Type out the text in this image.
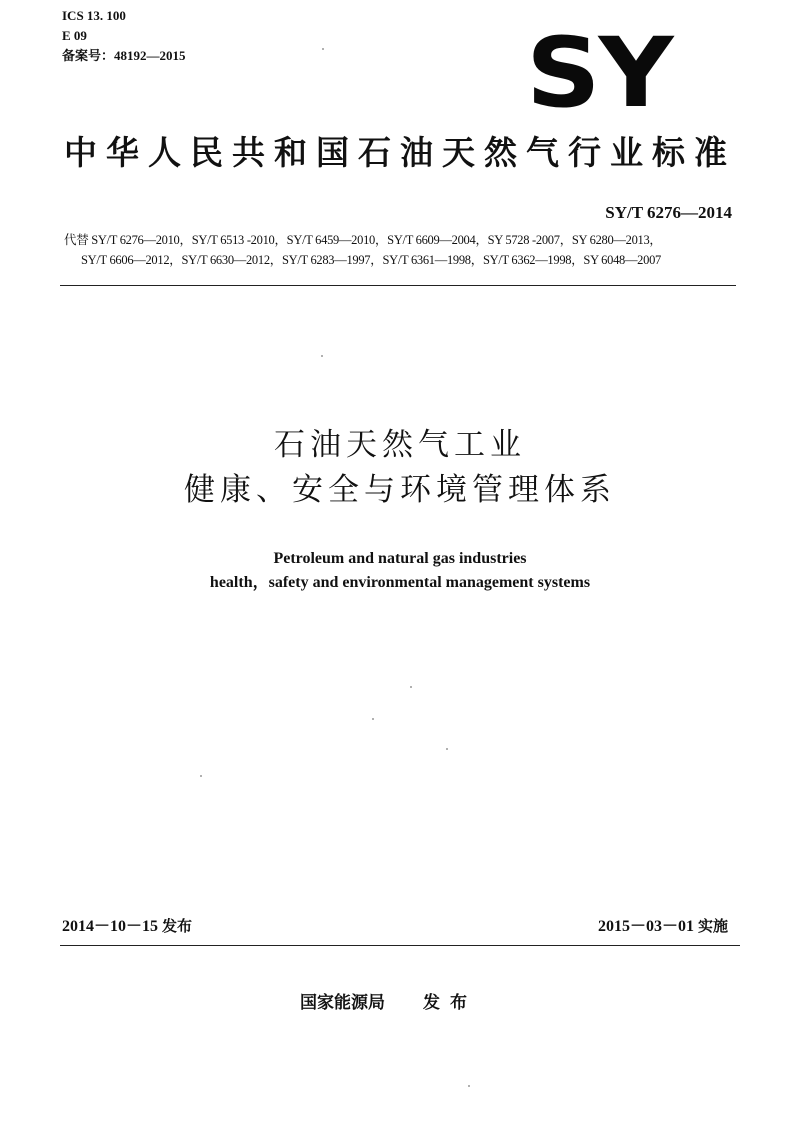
ICS 13. 100
E 09
备案号：48192—2015	SY
中华人民共和国石油天然气行业标准
SY/T 6276—2014
代替 SY/T 6276—2010，SY/T 6513 -2010，SY/T 6459—2010，SY/T 6609—2004，SY 5728 -2007，SY 6280—2013，
SY/T 6606—2012，SY/T 6630—2012，SY/T 6283—1997，SY/T 6361—1998，SY/T 6362—1998，SY 6048—2007
石油天然气工业
健康、安全与环境管理体系
Petroleum and natural gas industries
health，safety and environmental management systems
2014－10－15 发布	2015－03－01 实施
国家能源局 发布
